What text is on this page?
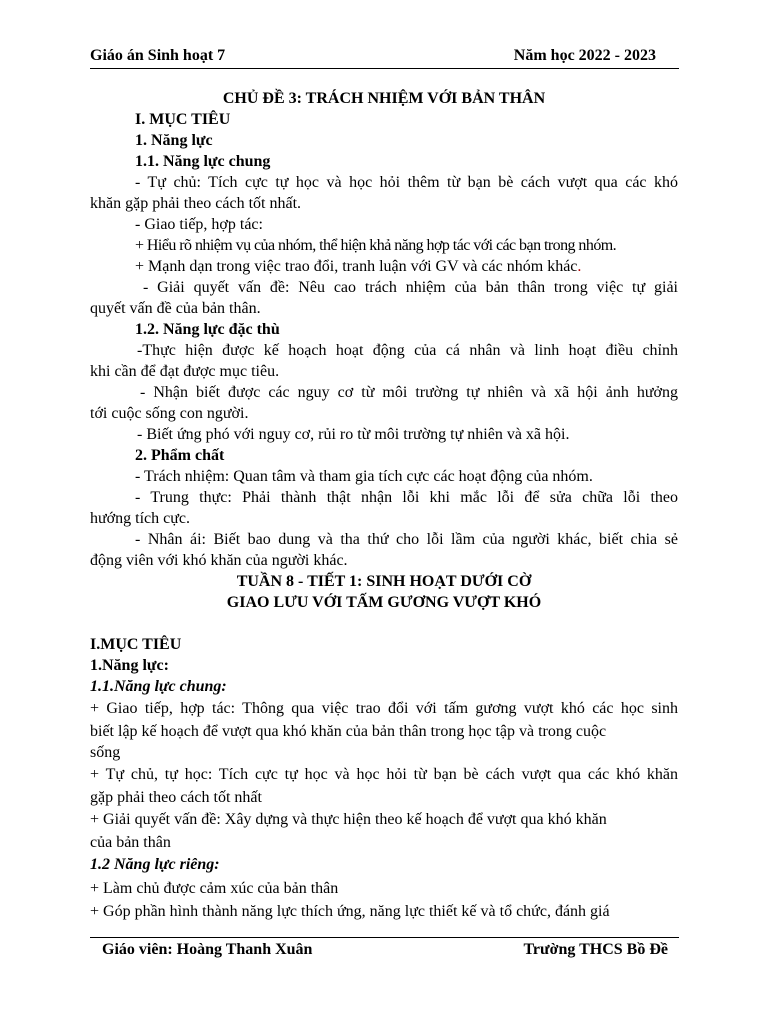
Giáo án Sinh hoạt 7	Năm học 2022 - 2023
CHỦ ĐỀ 3: TRÁCH NHIỆM VỚI BẢN THÂN
I. MỤC TIÊU
1. Năng lực
1.1. Năng lực chung
- Tự chủ: Tích cực tự học và học hỏi thêm từ bạn bè cách vượt qua các khó
khăn gặp phải theo cách tốt nhất.
- Giao tiếp, hợp tác:
+ Hiểu rõ nhiệm vụ của nhóm, thể hiện khả năng hợp tác với các bạn trong nhóm.
+ Mạnh dạn trong việc trao đổi, tranh luận với GV và các nhóm khác.
- Giải quyết vấn đề: Nêu cao trách nhiệm của bản thân trong việc tự giải
quyết vấn đề của bản thân.
1.2. Năng lực đặc thù
-Thực hiện được kế hoạch hoạt động của cá nhân và linh hoạt điều chỉnh
khi cần để đạt được mục tiêu.
- Nhận biết được các nguy cơ từ môi trường tự nhiên và xã hội ảnh hưởng
tới cuộc sống con người.
- Biết ứng phó với nguy cơ, rủi ro từ môi trường tự nhiên và xã hội.
2. Phẩm chất
- Trách nhiệm: Quan tâm và tham gia tích cực các hoạt động của nhóm.
- Trung thực: Phải thành thật nhận lỗi khi mắc lỗi để sửa chữa lỗi theo
hướng tích cực.
- Nhân ái: Biết bao dung và tha thứ cho lỗi lầm của người khác, biết chia sẻ
động viên với khó khăn của người khác.
TUẦN 8 - TIẾT 1: SINH HOẠT DƯỚI CỜ
GIAO LƯU VỚI TẤM GƯƠNG VƯỢT KHÓ
I.MỤC TIÊU
1.Năng lực:
1.1.Năng lực chung:
+ Giao tiếp, hợp tác: Thông qua việc trao đổi với tấm gương vượt khó các học sinh
biết lập kế hoạch để vượt qua khó khăn của bản thân trong học tập và trong cuộc
sống
+ Tự chủ, tự học: Tích cực tự học và học hỏi từ bạn bè cách vượt qua các khó khăn
gặp phải theo cách tốt nhất
+ Giải quyết vấn đề: Xây dựng và thực hiện theo kế hoạch để vượt qua khó khăn
của bản thân
1.2 Năng lực riêng:
+ Làm chủ được cảm xúc của bản thân
+ Góp phần hình thành năng lực thích ứng, năng lực thiết kế và tổ chức, đánh giá
Giáo viên: Hoàng Thanh Xuân	Trường THCS Bồ Đề
